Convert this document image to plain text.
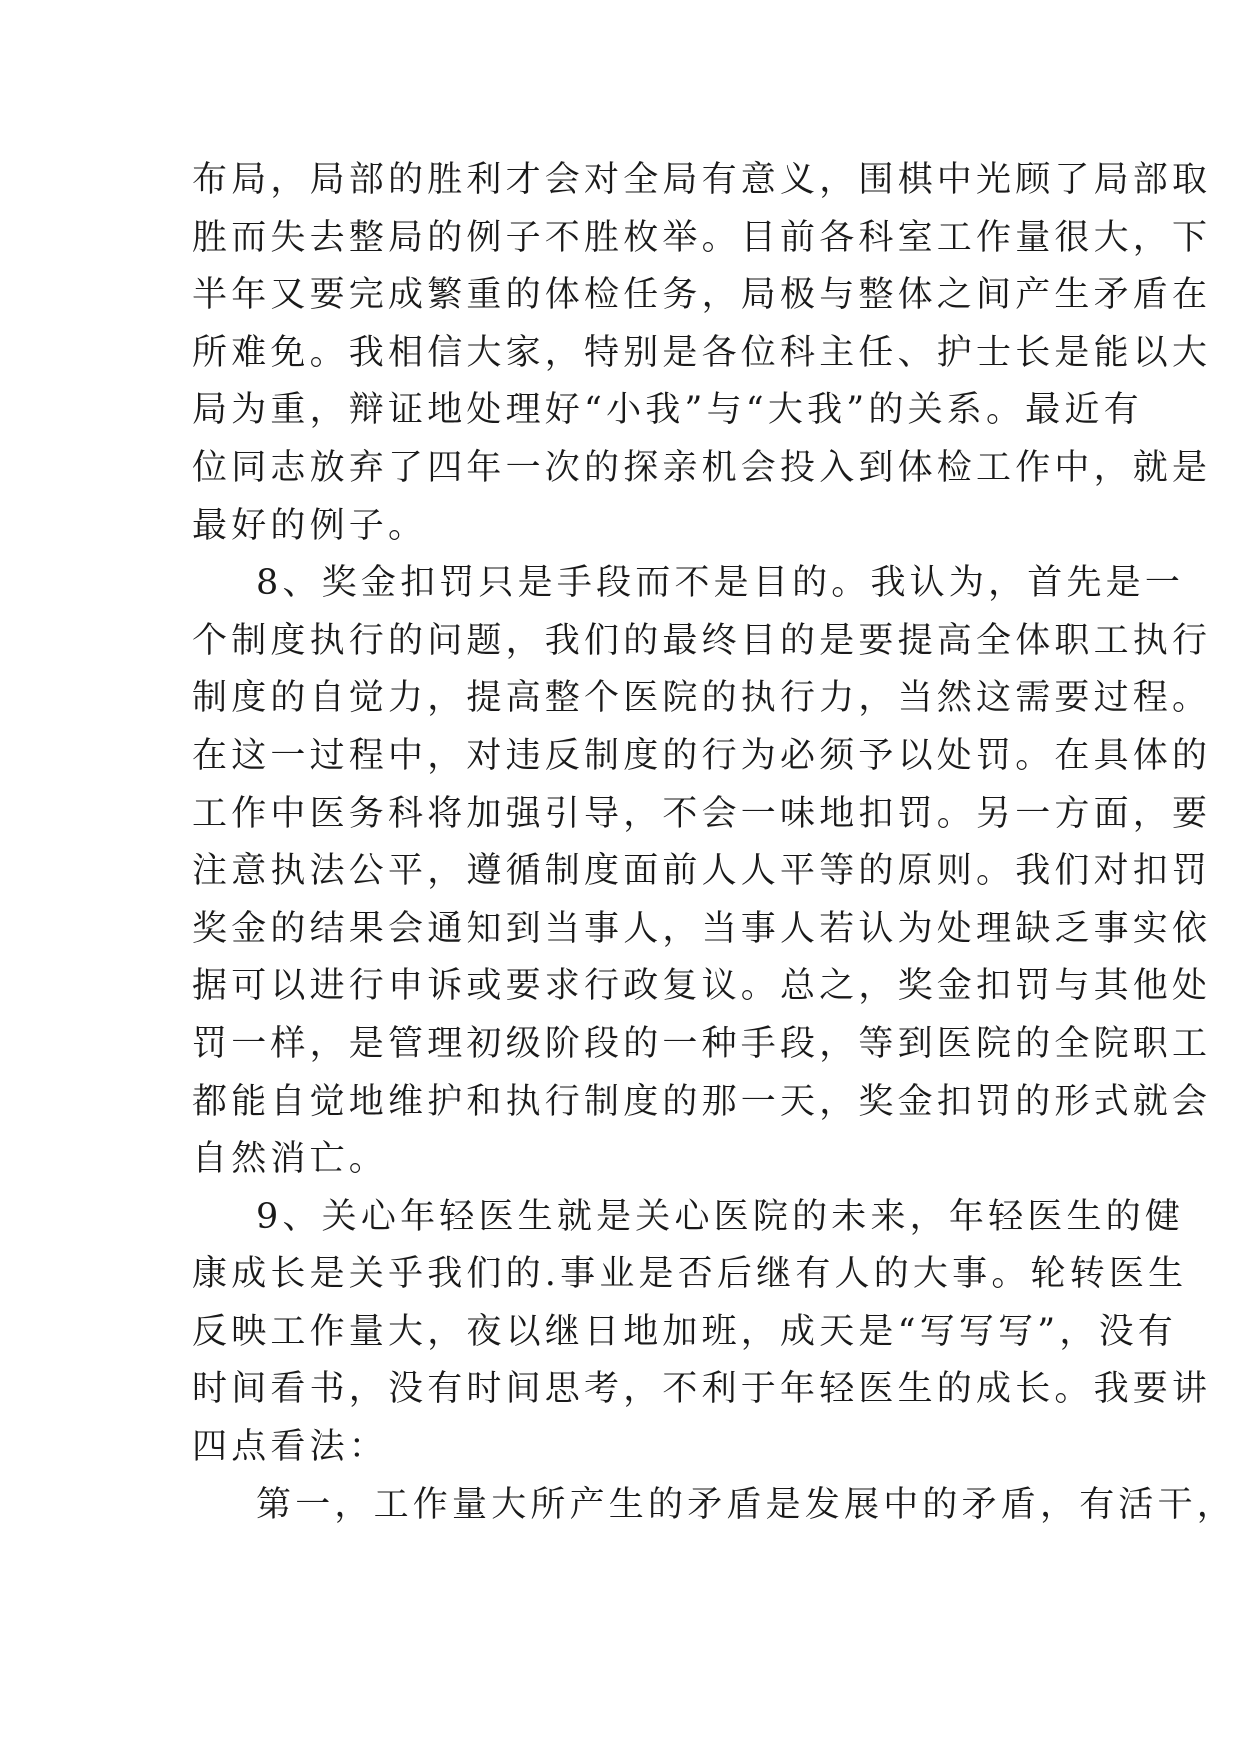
布局，局部的胜利才会对全局有意义，围棋中光顾了局部取
胜而失去整局的例子不胜枚举。目前各科室工作量很大，下
半年又要完成繁重的体检任务，局极与整体之间产生矛盾在
所难免。我相信大家，特别是各位科主任、护士长是能以大
局为重，辩证地处理好“小我”与“大我”的关系。最近有
位同志放弃了四年一次的探亲机会投入到体检工作中，就是
最好的例子。
8、奖金扣罚只是手段而不是目的。我认为，首先是一
个制度执行的问题，我们的最终目的是要提高全体职工执行
制度的自觉力，提高整个医院的执行力，当然这需要过程。
在这一过程中，对违反制度的行为必须予以处罚。在具体的
工作中医务科将加强引导，不会一味地扣罚。另一方面，要
注意执法公平，遵循制度面前人人平等的原则。我们对扣罚
奖金的结果会通知到当事人，当事人若认为处理缺乏事实依
据可以进行申诉或要求行政复议。总之，奖金扣罚与其他处
罚一样，是管理初级阶段的一种手段，等到医院的全院职工
都能自觉地维护和执行制度的那一天，奖金扣罚的形式就会
自然消亡。
9、关心年轻医生就是关心医院的未来，年轻医生的健
康成长是关乎我们的.事业是否后继有人的大事。轮转医生
反映工作量大，夜以继日地加班，成天是“写写写”，没有
时间看书，没有时间思考，不利于年轻医生的成长。我要讲
四点看法：
第一，工作量大所产生的矛盾是发展中的矛盾，有活干，
